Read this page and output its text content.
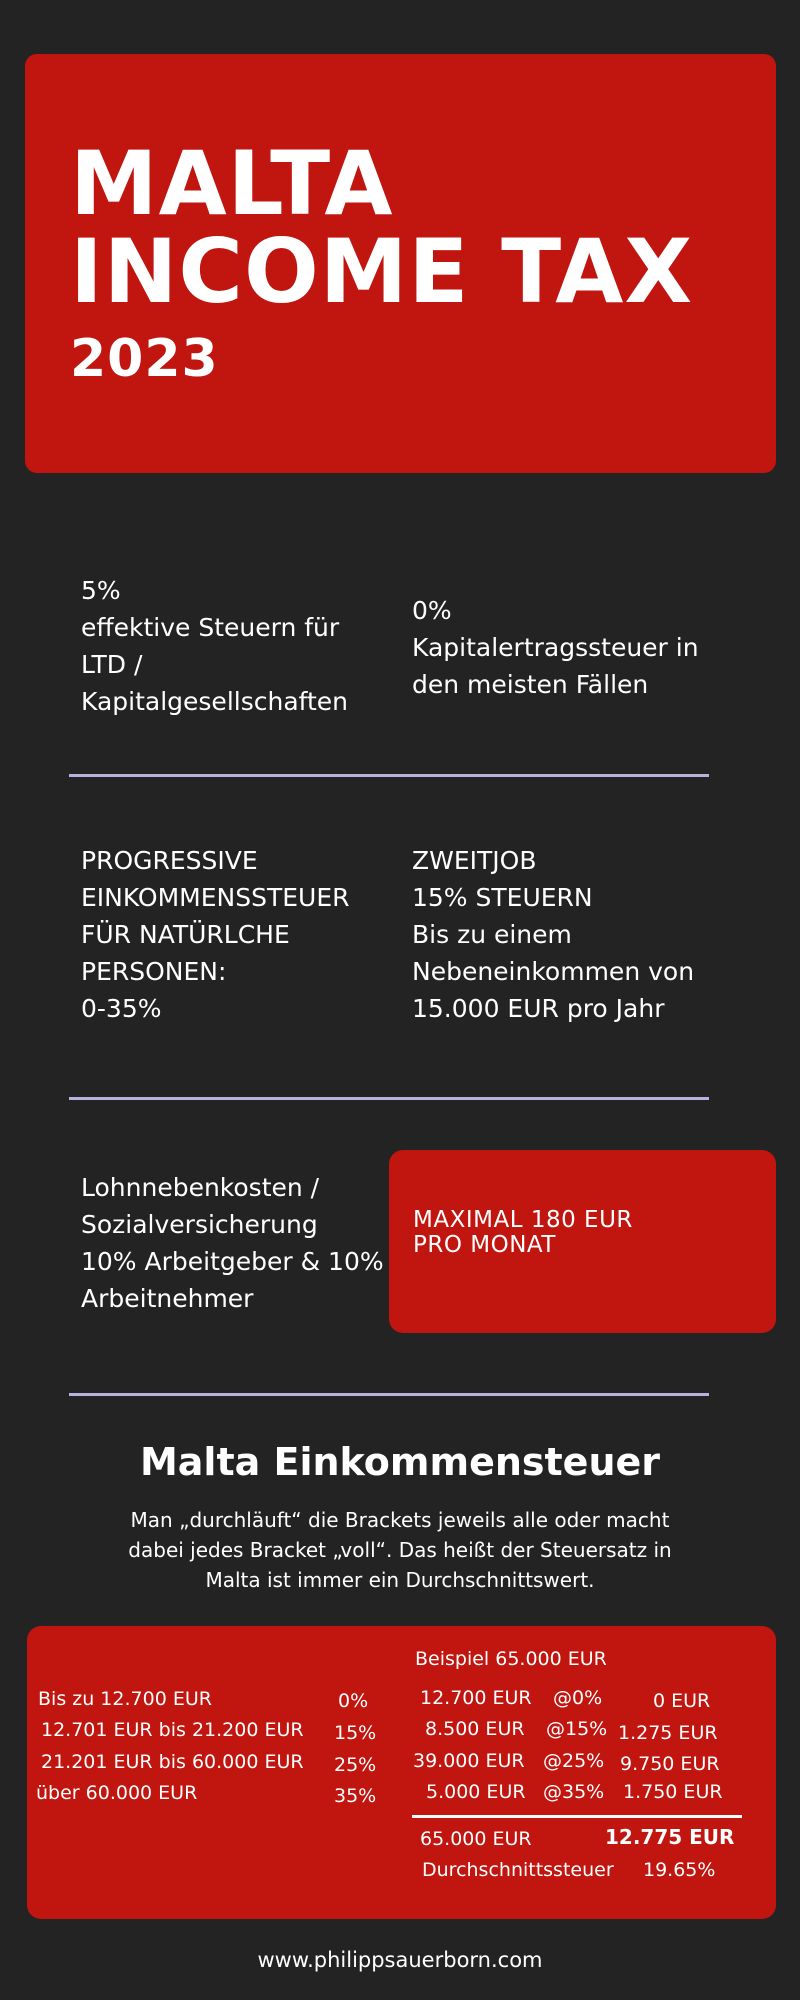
MALTA
INCOME TAX
2023
5%
effektive Steuern für
LTD /
Kapitalgesellschaften
0%
Kapitalertragssteuer in
den meisten Fällen
PROGRESSIVE
EINKOMMENSSTEUER
FÜR NATÜRLCHE
PERSONEN:
0-35%
ZWEITJOB
15% STEUERN
Bis zu einem
Nebeneinkommen von
15.000 EUR pro Jahr
Lohnnebenkosten /
Sozialversicherung
10% Arbeitgeber & 10%
Arbeitnehmer
MAXIMAL 180 EUR
PRO MONAT
Malta Einkommensteuer
Man „durchläuft“ die Brackets jeweils alle oder macht dabei jedes Bracket „voll“. Das heißt der Steuersatz in Malta ist immer ein Durchschnittswert.
Bis zu 12.700 EUR	0%
12.701 EUR bis 21.200 EUR 15%
21.201 EUR bis 60.000 EUR 25%
über 60.000 EUR	35%
Beispiel 65.000 EUR
12.700 EUR @0%	0 EUR
8.500 EUR @15% 1.275 EUR
39.000 EUR @25% 9.750 EUR
5.000 EUR @35% 1.750 EUR
65.000 EUR	12.775 EUR
Durchschnittssteuer 19.65%
www.philippsauerborn.com
